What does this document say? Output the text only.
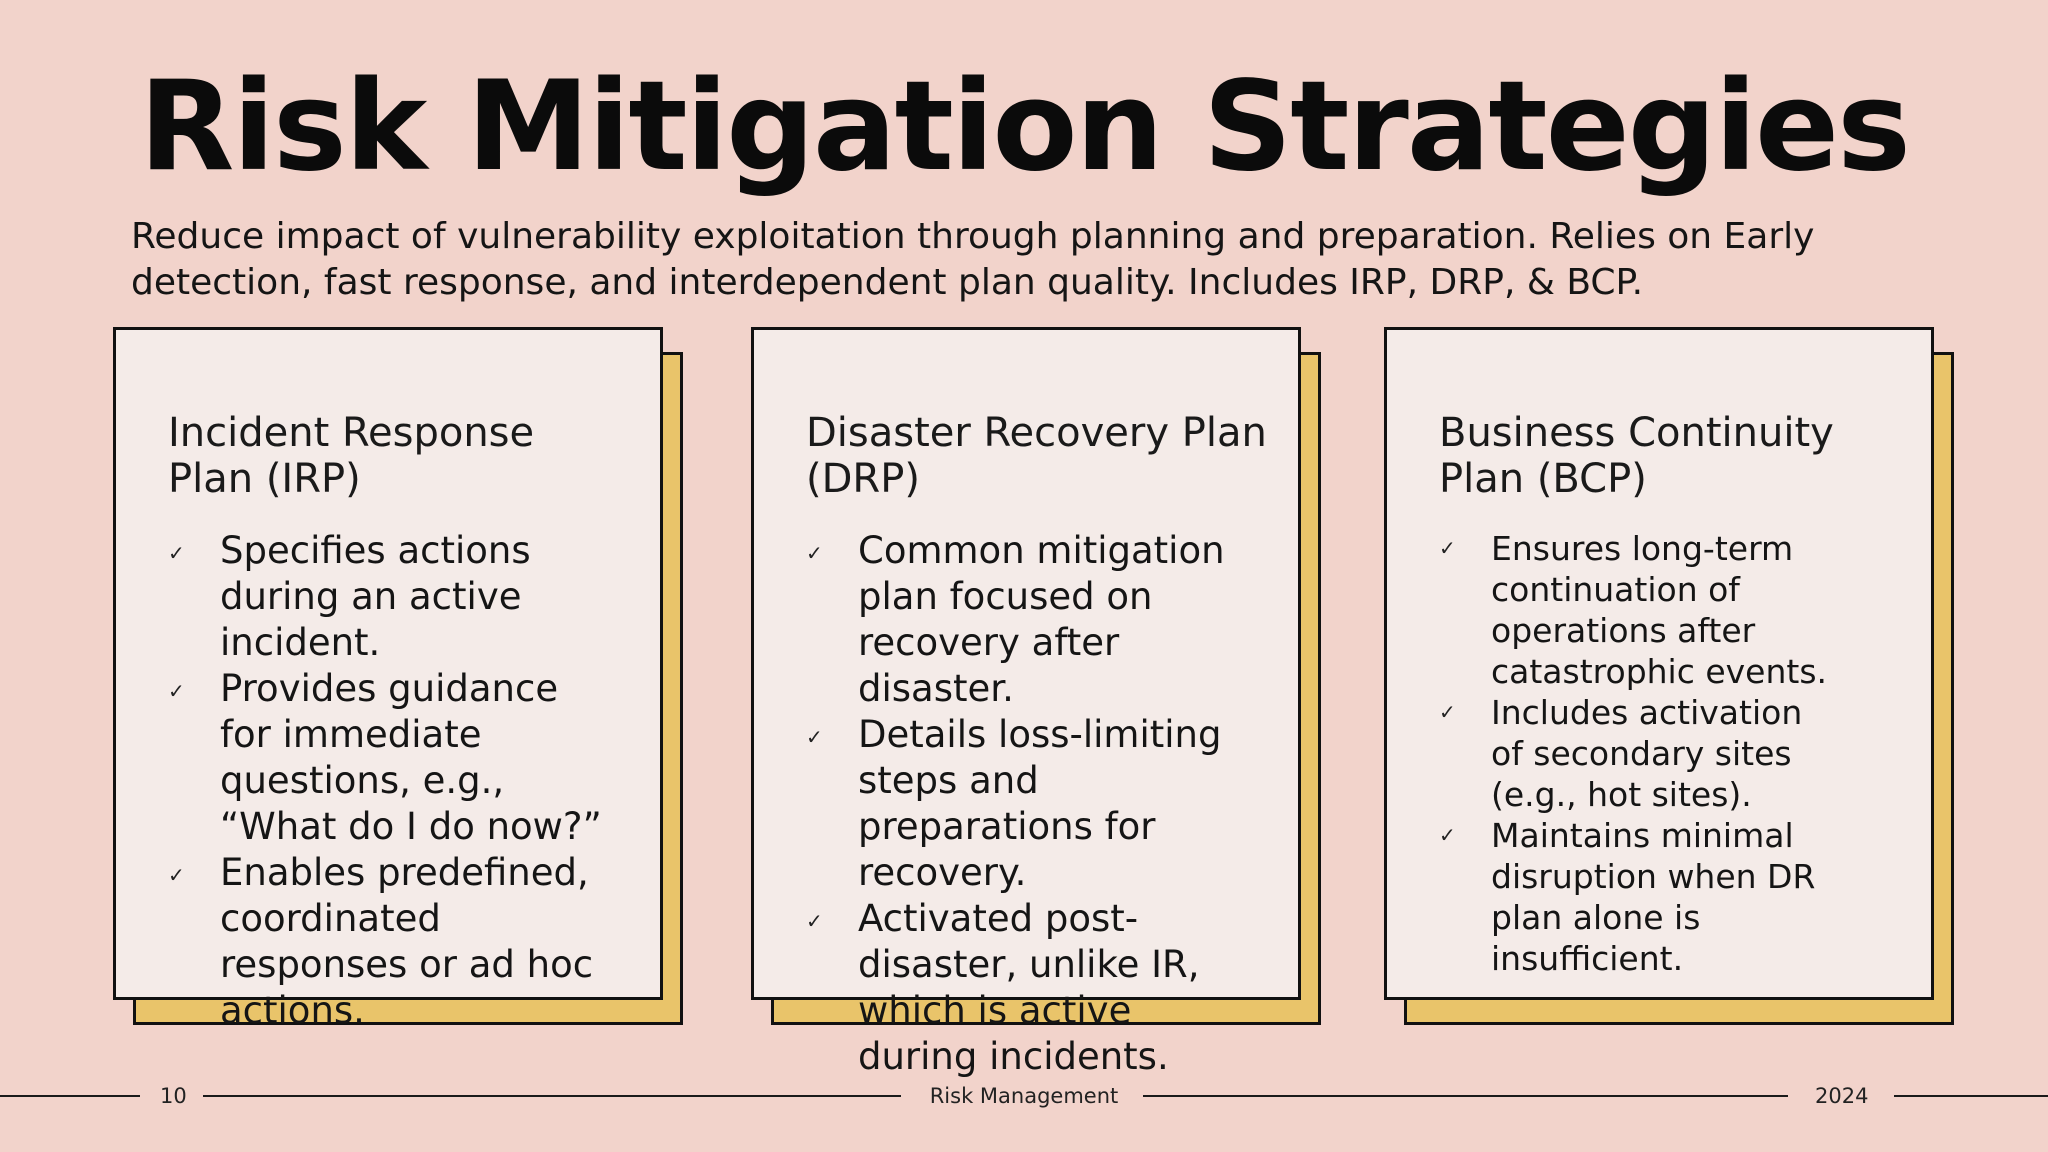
Risk Mitigation Strategies

Reduce impact of vulnerability exploitation through planning and preparation. Relies on Early detection, fast response, and interdependent plan quality. Includes IRP, DRP, & BCP.

Incident Response Plan (IRP)
✓ Specifies actions during an active incident.
✓ Provides guidance for immediate questions, e.g., “What do I do now?”
✓ Enables predefined, coordinated responses or ad hoc actions.
Disaster Recovery Plan (DRP)
✓ Common mitigation plan focused on recovery after disaster.
✓ Details loss-limiting steps and preparations for recovery.
✓ Activated post-disaster, unlike IR, which is active during incidents.
Business Continuity Plan (BCP)
✓ Ensures long-term continuation of operations after catastrophic events.
✓ Includes activation of secondary sites (e.g., hot sites).
✓ Maintains minimal disruption when DR plan alone is insufficient.
10	Risk Management	2024
